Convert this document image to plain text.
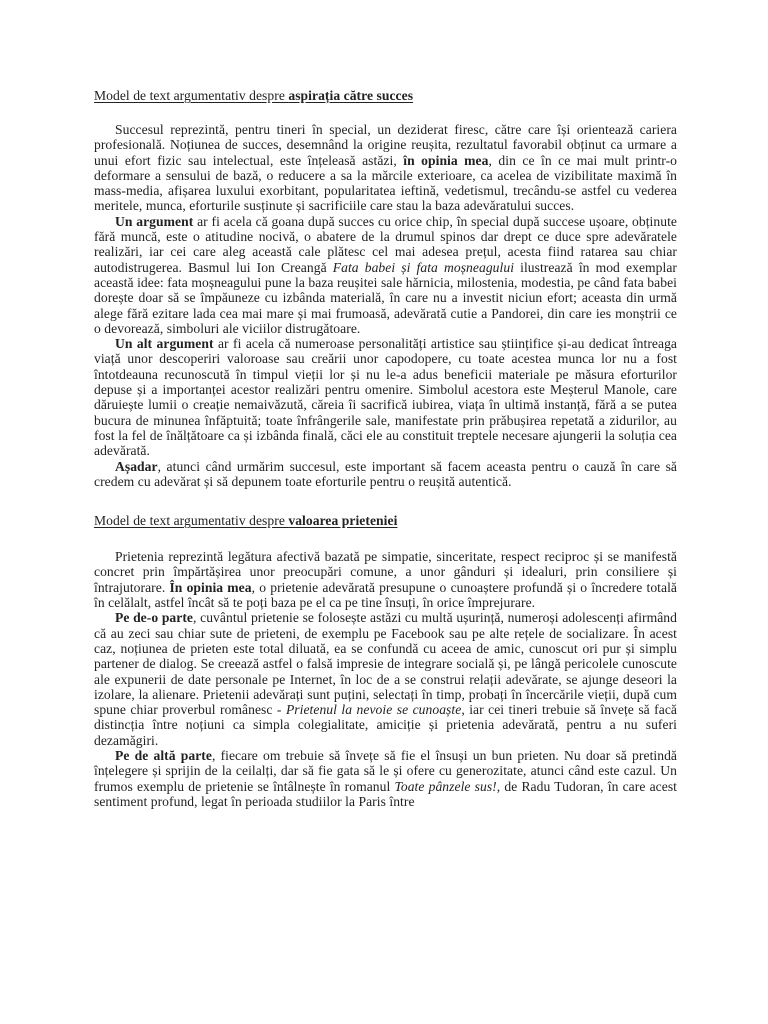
Model de text argumentativ despre aspirația către succes

Succesul reprezintă, pentru tineri în special, un deziderat firesc, către care își orientează cariera profesională. Noțiunea de succes, desemnând la origine reușita, rezultatul favorabil obținut ca urmare a unui efort fizic sau intelectual, este înțeleasă astăzi, în opinia mea, din ce în ce mai mult printr-o deformare a sensului de bază, o reducere a sa la mărcile exterioare, ca acelea de vizibilitate maximă în mass-media, afișarea luxului exorbitant, popularitatea ieftină, vedetismul, trecându-se astfel cu vederea meritele, munca, eforturile susținute și sacrificiile care stau la baza adevăratului succes.

Un argument ar fi acela că goana după succes cu orice chip, în special după succese ușoare, obținute fără muncă, este o atitudine nocivă, o abatere de la drumul spinos dar drept ce duce spre adevăratele realizări, iar cei care aleg această cale plătesc cel mai adesea prețul, acesta fiind ratarea sau chiar autodistrugerea. Basmul lui Ion Creangă Fata babei și fata moșneagului ilustrează în mod exemplar această idee: fata moșneagului pune la baza reușitei sale hărnicia, milostenia, modestia, pe când fata babei dorește doar să se împăuneze cu izbânda materială, în care nu a investit niciun efort; aceasta din urmă alege fără ezitare lada cea mai mare și mai frumoasă, adevărată cutie a Pandorei, din care ies monștrii ce o devorează, simboluri ale viciilor distrugătoare.

Un alt argument ar fi acela că numeroase personalități artistice sau științifice și-au dedicat întreaga viață unor descoperiri valoroase sau creării unor capodopere, cu toate acestea munca lor nu a fost întotdeauna recunoscută în timpul vieții lor și nu le-a adus beneficii materiale pe măsura eforturilor depuse și a importanței acestor realizări pentru omenire. Simbolul acestora este Meșterul Manole, care dăruiește lumii o creație nemaivăzută, căreia îi sacrifică iubirea, viața în ultimă instanță, fără a se putea bucura de minunea înfăptuită; toate înfrângerile sale, manifestate prin prăbușirea repetată a zidurilor, au fost la fel de înălțătoare ca și izbânda finală, căci ele au constituit treptele necesare ajungerii la soluția cea adevărată.

Așadar, atunci când urmărim succesul, este important să facem aceasta pentru o cauză în care să credem cu adevărat și să depunem toate eforturile pentru o reușită autentică.

Model de text argumentativ despre valoarea prieteniei

Prietenia reprezintă legătura afectivă bazată pe simpatie, sinceritate, respect reciproc și se manifestă concret prin împărtășirea unor preocupări comune, a unor gânduri și idealuri, prin consiliere și întrajutorare. În opinia mea, o prietenie adevărată presupune o cunoaștere profundă și o încredere totală în celălalt, astfel încât să te poți baza pe el ca pe tine însuți, în orice împrejurare.

Pe de-o parte, cuvântul prietenie se folosește astăzi cu multă ușurință, numeroși adolescenți afirmând că au zeci sau chiar sute de prieteni, de exemplu pe Facebook sau pe alte rețele de socializare. În acest caz, noțiunea de prieten este total diluată, ea se confundă cu aceea de amic, cunoscut ori pur și simplu partener de dialog. Se creează astfel o falsă impresie de integrare socială și, pe lângă pericolele cunoscute ale expunerii de date personale pe Internet, în loc de a se construi relații adevărate, se ajunge deseori la izolare, la alienare. Prietenii adevărați sunt puțini, selectați în timp, probați în încercările vieții, după cum spune chiar proverbul românesc - Prietenul la nevoie se cunoaște, iar cei tineri trebuie să învețe să facă distincția între noțiuni ca simpla colegialitate, amiciție și prietenia adevărată, pentru a nu suferi dezamăgiri.

Pe de altă parte, fiecare om trebuie să învețe să fie el însuși un bun prieten. Nu doar să pretindă înțelegere și sprijin de la ceilalți, dar să fie gata să le și ofere cu generozitate, atunci când este cazul. Un frumos exemplu de prietenie se întâlnește în romanul Toate pânzele sus!, de Radu Tudoran, în care acest sentiment profund, legat în perioada studiilor la Paris între
